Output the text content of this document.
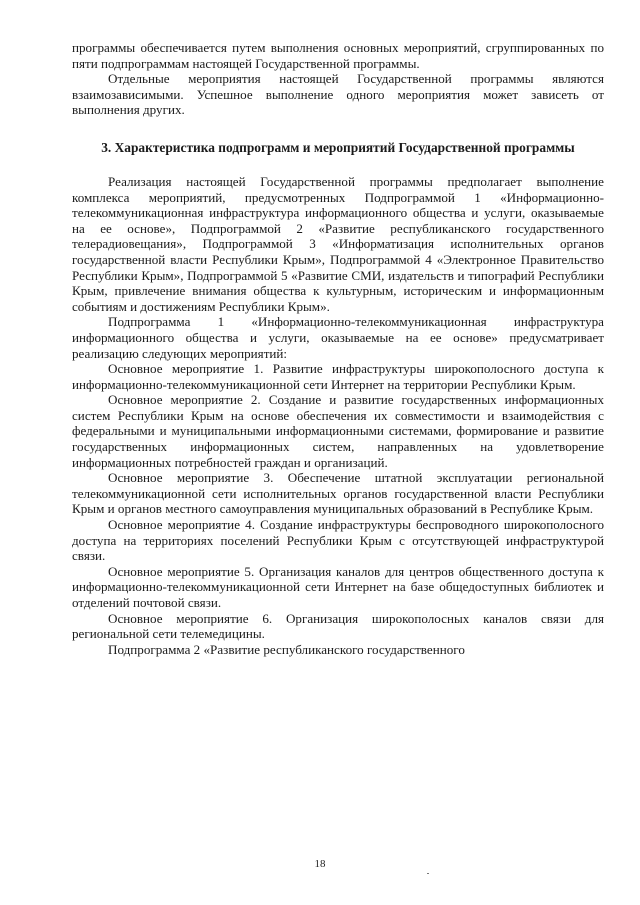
программы обеспечивается путем выполнения основных мероприятий, сгруппированных по пяти подпрограммам настоящей Государственной программы.

Отдельные мероприятия настоящей Государственной программы являются взаимозависимыми. Успешное выполнение одного мероприятия может зависеть от выполнения других.

3. Характеристика подпрограмм и мероприятий Государственной программы

Реализация настоящей Государственной программы предполагает выполнение комплекса мероприятий, предусмотренных Подпрограммой 1 «Информационно-телекоммуникационная инфраструктура информационного общества и услуги, оказываемые на ее основе», Подпрограммой 2 «Развитие республиканского государственного телерадиовещания», Подпрограммой 3 «Информатизация исполнительных органов государственной власти Республики Крым», Подпрограммой 4 «Электронное Правительство Республики Крым», Подпрограммой 5 «Развитие СМИ, издательств и типографий Республики Крым, привлечение внимания общества к культурным, историческим и информационным событиям и достижениям Республики Крым».

Подпрограмма 1 «Информационно-телекоммуникационная инфраструктура информационного общества и услуги, оказываемые на ее основе» предусматривает реализацию следующих мероприятий:

Основное мероприятие 1. Развитие инфраструктуры широкополосного доступа к информационно-телекоммуникационной сети Интернет на территории Республики Крым.

Основное мероприятие 2. Создание и развитие государственных информационных систем Республики Крым на основе обеспечения их совместимости и взаимодействия с федеральными и муниципальными информационными системами, формирование и развитие государственных информационных систем, направленных на удовлетворение информационных потребностей граждан и организаций.

Основное мероприятие 3. Обеспечение штатной эксплуатации региональной телекоммуникационной сети исполнительных органов государственной власти Республики Крым и органов местного самоуправления муниципальных образований в Республике Крым.

Основное мероприятие 4. Создание инфраструктуры беспроводного широкополосного доступа на территориях поселений Республики Крым с отсутствующей инфраструктурой связи.

Основное мероприятие 5. Организация каналов для центров общественного доступа к информационно-телекоммуникационной сети Интернет на базе общедоступных библиотек и отделений почтовой связи.

Основное мероприятие 6. Организация широкополосных каналов связи для региональной сети телемедицины.

Подпрограмма 2 «Развитие республиканского государственного

18
